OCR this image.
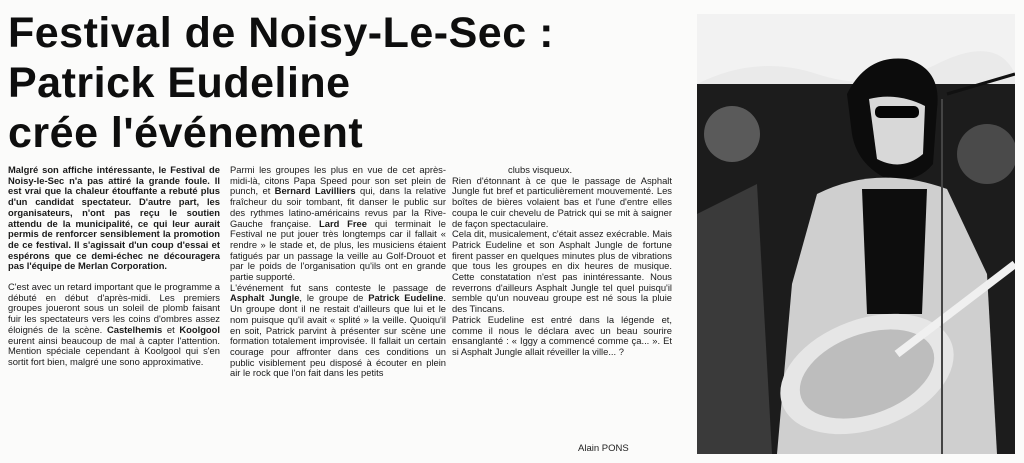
Festival de Noisy-Le-Sec :
Patrick Eudeline
crée l'événement

Malgré son affiche intéressante, le Festival de Noisy-le-Sec n'a pas attiré la grande foule. Il est vrai que la chaleur étouffante a rebuté plus d'un candidat spectateur. D'autre part, les organisateurs, n'ont pas reçu le soutien attendu de la municipalité, ce qui leur aurait permis de renforcer sensiblement la promotion de ce festival. Il s'agissait d'un coup d'essai et espérons que ce demi-échec ne découragera pas l'équipe de Merlan Corporation.

C'est avec un retard important que le programme a débuté en début d'après-midi. Les premiers groupes joueront sous un soleil de plomb faisant fuir les spectateurs vers les coins d'ombres assez éloignés de la scène. Castelhemis et Koolgool eurent ainsi beaucoup de mal à capter l'attention. Mention spéciale cependant à Koolgool qui s'en sortit fort bien, malgré une sono approximative.

Parmi les groupes les plus en vue de cet après-midi-là, citons Papa Speed pour son set plein de punch, et Bernard Lavilliers qui, dans la relative fraîcheur du soir tombant, fit danser le public sur des rythmes latino-américains revus par la Rive-Gauche française. Lard Free qui terminait le Festival ne put jouer très longtemps car il fallait « rendre » le stade et, de plus, les musiciens étaient fatigués par un passage la veille au Golf-Drouot et par le poids de l'organisation qu'ils ont en grande partie supporté.

L'événement fut sans conteste le passage de Asphalt Jungle, le groupe de Patrick Eudeline. Un groupe dont il ne restait d'ailleurs que lui et le nom puisque qu'il avait « splité » la veille. Quoiqu'il en soit, Patrick parvint à présenter sur scène une formation totalement improvisée. Il fallait un certain courage pour affronter dans ces conditions un public visiblement peu disposé à écouter en plein air le rock que l'on fait dans les petits

clubs visqueux.

Rien d'étonnant à ce que le passage de Asphalt Jungle fut bref et particulièrement mouvementé. Les boîtes de bières volaient bas et l'une d'entre elles coupa le cuir chevelu de Patrick qui se mit à saigner de façon spectaculaire.

Cela dit, musicalement, c'était assez exécrable. Mais Patrick Eudeline et son Asphalt Jungle de fortune firent passer en quelques minutes plus de vibrations que tous les groupes en dix heures de musique. Cette constatation n'est pas inintéressante. Nous reverrons d'ailleurs Asphalt Jungle tel quel puisqu'il semble qu'un nouveau groupe est né sous la pluie des Tincans.

Patrick Eudeline est entré dans la légende et, comme il nous le déclara avec un beau sourire ensanglanté : « Iggy a commencé comme ça... ». Et si Asphalt Jungle allait réveiller la ville... ?

Alain PONS
